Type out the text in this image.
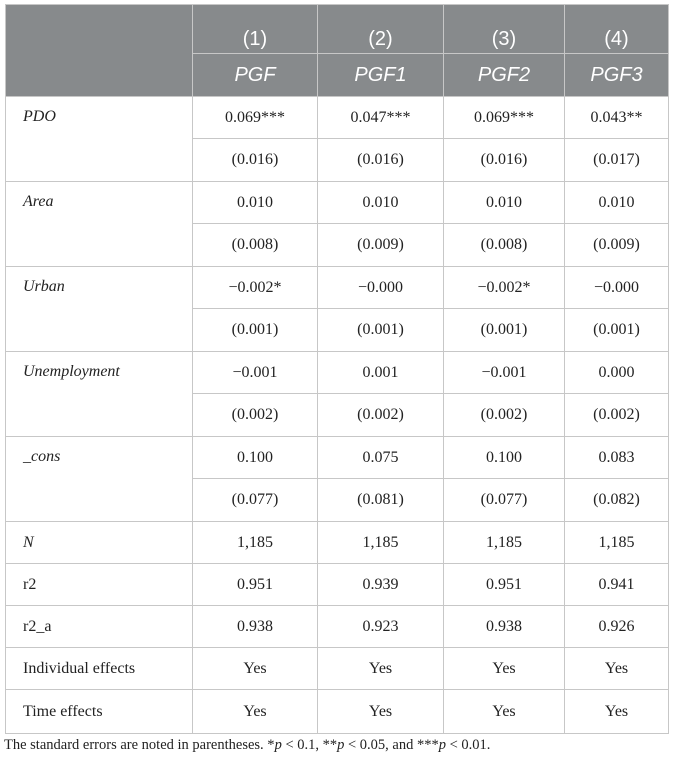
	(1)	(2)	(3)	(4)
	PGF	PGF1	PGF2	PGF3
PDO	0.069***	0.047***	0.069***	0.043**
	(0.016)	(0.016)	(0.016)	(0.017)
Area	0.010	0.010	0.010	0.010
	(0.008)	(0.009)	(0.008)	(0.009)
Urban	−0.002*	−0.000	−0.002*	−0.000
	(0.001)	(0.001)	(0.001)	(0.001)
Unemployment	−0.001	0.001	−0.001	0.000
	(0.002)	(0.002)	(0.002)	(0.002)
_cons	0.100	0.075	0.100	0.083
	(0.077)	(0.081)	(0.077)	(0.082)
N	1,185	1,185	1,185	1,185
r2	0.951	0.939	0.951	0.941
r2_a	0.938	0.923	0.938	0.926
Individual effects	Yes	Yes	Yes	Yes
Time effects	Yes	Yes	Yes	Yes
The standard errors are noted in parentheses. *p < 0.1, **p < 0.05, and ***p < 0.01.
